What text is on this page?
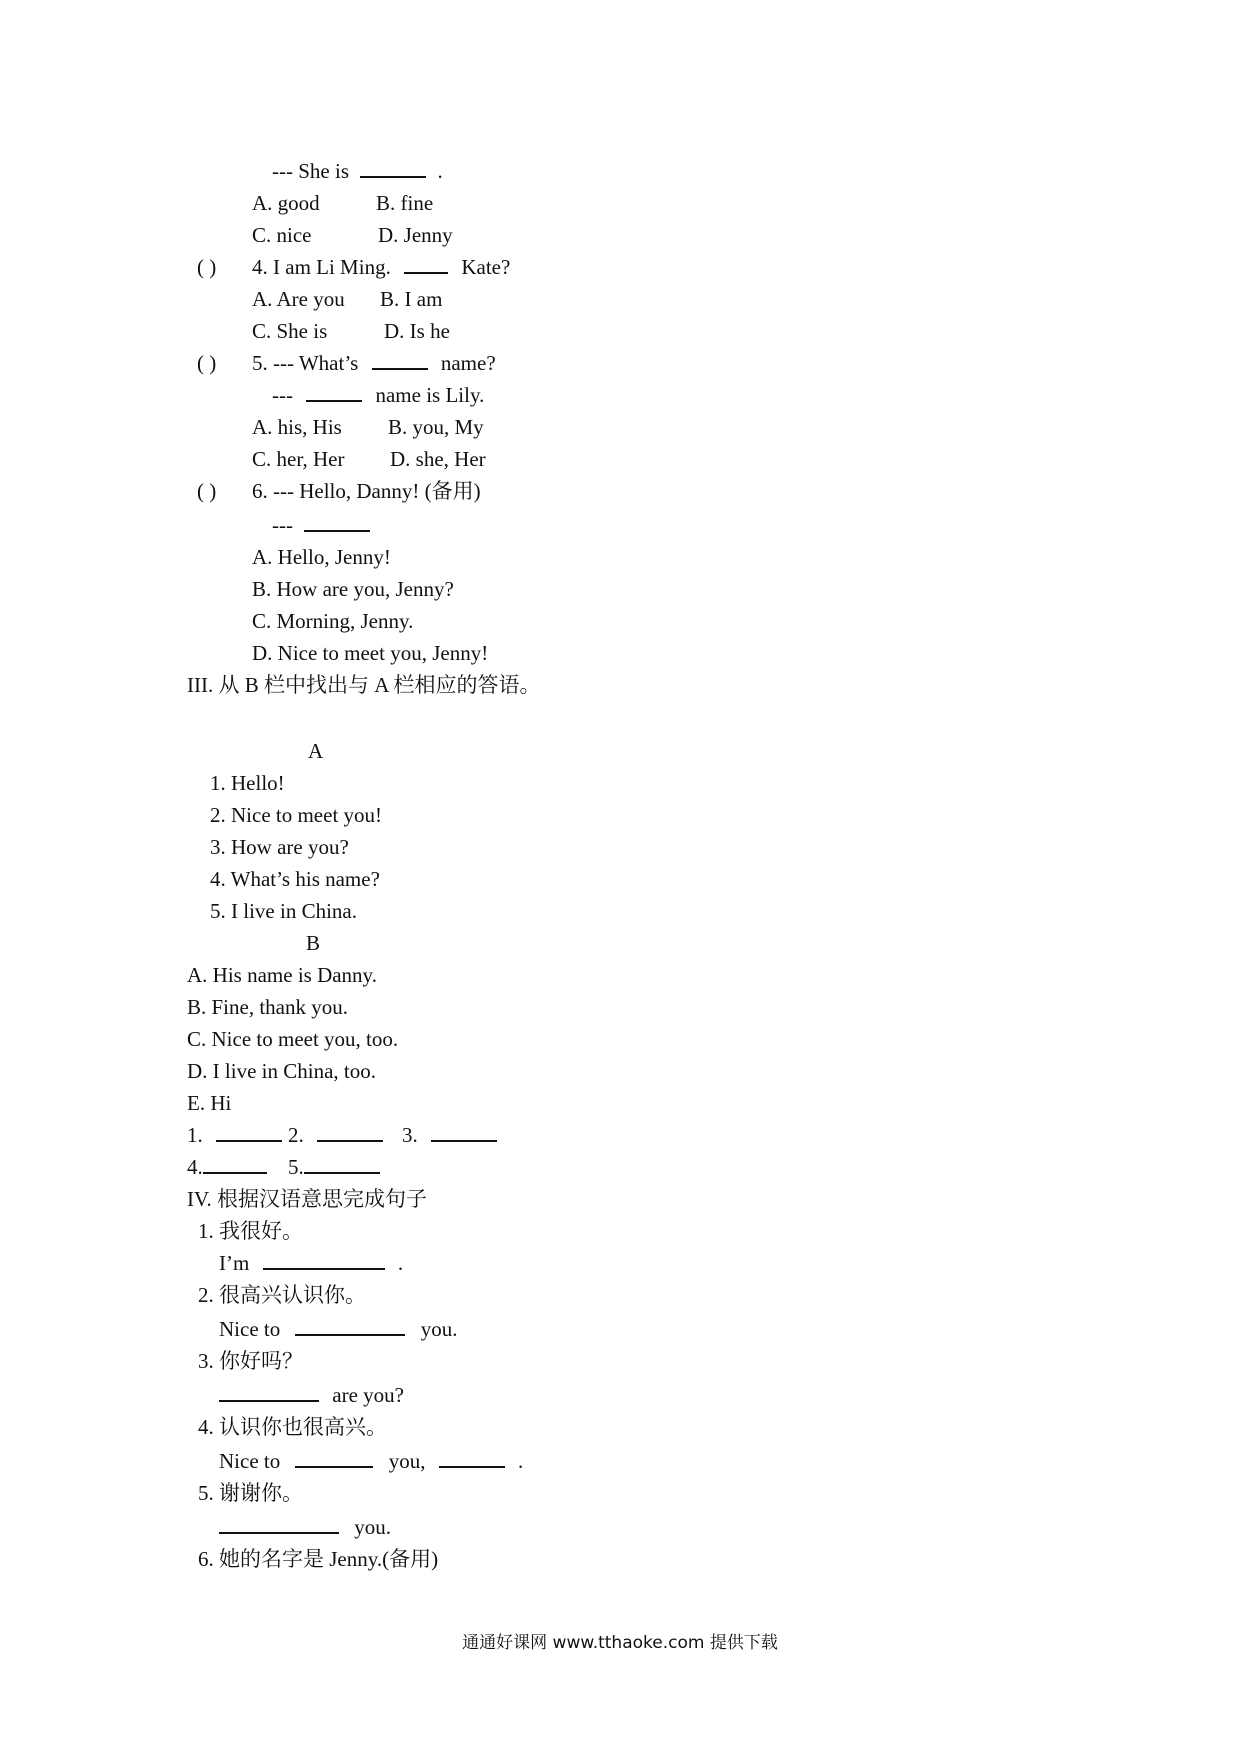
--- She is	.
A. good	B. fine
C. nice	D. Jenny
( ) 4. I am Li Ming.	Kate?
A. Are you B. I am
C. She is	D. Is he
( ) 5. --- What’s	name?
---	name is Lily.
A. his, His B. you, My
C. her, Her D. she, Her
( ) 6. --- Hello, Danny! (备用)
---
A. Hello, Jenny!
B. How are you, Jenny?
C. Morning, Jenny.
D. Nice to meet you, Jenny!
III. 从 B 栏中找出与 A 栏相应的答语。
A
1. Hello!
2. Nice to meet you!
3. How are you?
4. What’s his name?
5. I live in China.
B
A. His name is Danny.
B. Fine, thank you.
C. Nice to meet you, too.
D. I live in China, too.
E. Hi
1.	2.	3.
4.	5.
IV. 根据汉语意思完成句子
1. 我很好。
I’m	.
2. 很高兴认识你。
Nice to	you.
3. 你好吗？
are you?
4. 认识你也很高兴。
Nice to	you,	.
5. 谢谢你。
you.
6. 她的名字是 Jenny.(备用)
通通好课网 www.tthaoke.com 提供下载
